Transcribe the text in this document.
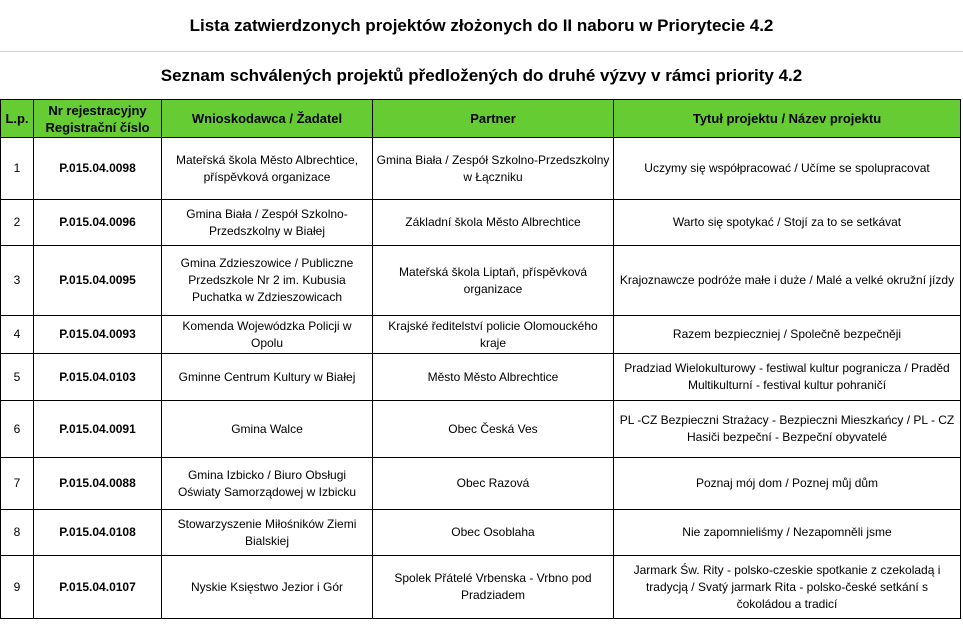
Lista zatwierdzonych projektów złożonych do II naboru w Priorytecie 4.2
Seznam schválených projektů předložených do druhé výzvy v rámci priority 4.2
L.p.	Nr rejestracyjny Registrační číslo	Wnioskodawca / Žadatel	Partner	Tytuł projektu / Název projektu
1	P.015.04.0098	Mateřská škola Město Albrechtice, příspěvková organizace	Gmina Biała / Zespół Szkolno-Przedszkolny w Łączniku	Uczymy się współpracować / Učíme se spolupracovat
2	P.015.04.0096	Gmina Biała / Zespół Szkolno-Przedszkolny w Białej	Základní škola Město Albrechtice	Warto się spotykać / Stojí za to se setkávat
3	P.015.04.0095	Gmina Zdzieszowice / Publiczne Przedszkole Nr 2 im. Kubusia Puchatka w Zdzieszowicach	Mateřská škola Liptaň, příspěvková organizace	Krajoznawcze podróże małe i duże / Malé a velké okružní jízdy
4	P.015.04.0093	Komenda Wojewódzka Policji w Opolu	Krajské ředitelství policie Olomouckého kraje	Razem bezpieczniej / Společně bezpečněji
5	P.015.04.0103	Gminne Centrum Kultury w Białej	Město Město Albrechtice	Pradziad Wielokulturowy - festiwal kultur pogranicza / Praděd Multikulturní - festival kultur pohraničí
6	P.015.04.0091	Gmina Walce	Obec Česká Ves	PL -CZ Bezpieczni Strażacy - Bezpieczni Mieszkańcy / PL - CZ Hasiči bezpeční - Bezpeční obyvatelé
7	P.015.04.0088	Gmina Izbicko / Biuro Obsługi Oświaty Samorządowej w Izbicku	Obec Razová	Poznaj mój dom / Poznej můj dům
8	P.015.04.0108	Stowarzyszenie Miłośników Ziemi Bialskiej	Obec Osoblaha	Nie zapomnieliśmy / Nezapomněli jsme
9	P.015.04.0107	Nyskie Księstwo Jezior i Gór	Spolek Přátelé Vrbenska - Vrbno pod Pradziadem	Jarmark Św. Rity - polsko-czeskie spotkanie z czekoladą i tradycją / Svatý jarmark Rita - polsko-české setkání s čokoládou a tradicí
